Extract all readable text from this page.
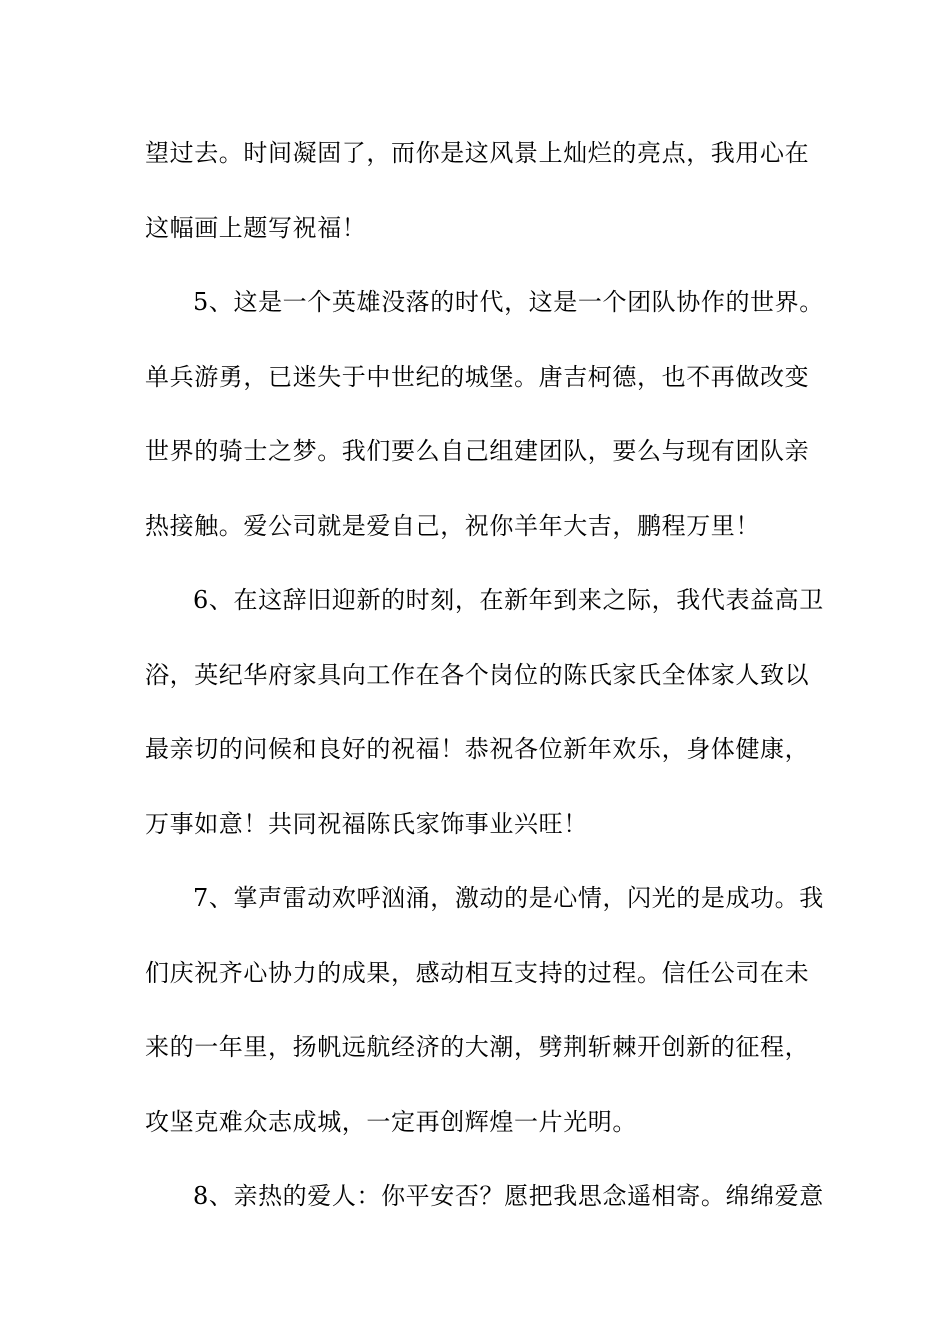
望过去。时间凝固了，而你是这风景上灿烂的亮点，我用心在
这幅画上题写祝福！
5、这是一个英雄没落的时代，这是一个团队协作的世界。
单兵游勇，已迷失于中世纪的城堡。唐吉柯德，也不再做改变
世界的骑士之梦。我们要么自己组建团队，要么与现有团队亲
热接触。爱公司就是爱自己，祝你羊年大吉，鹏程万里！
6、在这辞旧迎新的时刻，在新年到来之际，我代表益高卫
浴，英纪华府家具向工作在各个岗位的陈氏家氏全体家人致以
最亲切的问候和良好的祝福！恭祝各位新年欢乐，身体健康，
万事如意！共同祝福陈氏家饰事业兴旺！
7、掌声雷动欢呼汹涌，激动的是心情，闪光的是成功。我
们庆祝齐心协力的成果，感动相互支持的过程。信任公司在未
来的一年里，扬帆远航经济的大潮，劈荆斩棘开创新的征程，
攻坚克难众志成城，一定再创辉煌一片光明。
8、亲热的爱人：你平安否？愿把我思念遥相寄。绵绵爱意
